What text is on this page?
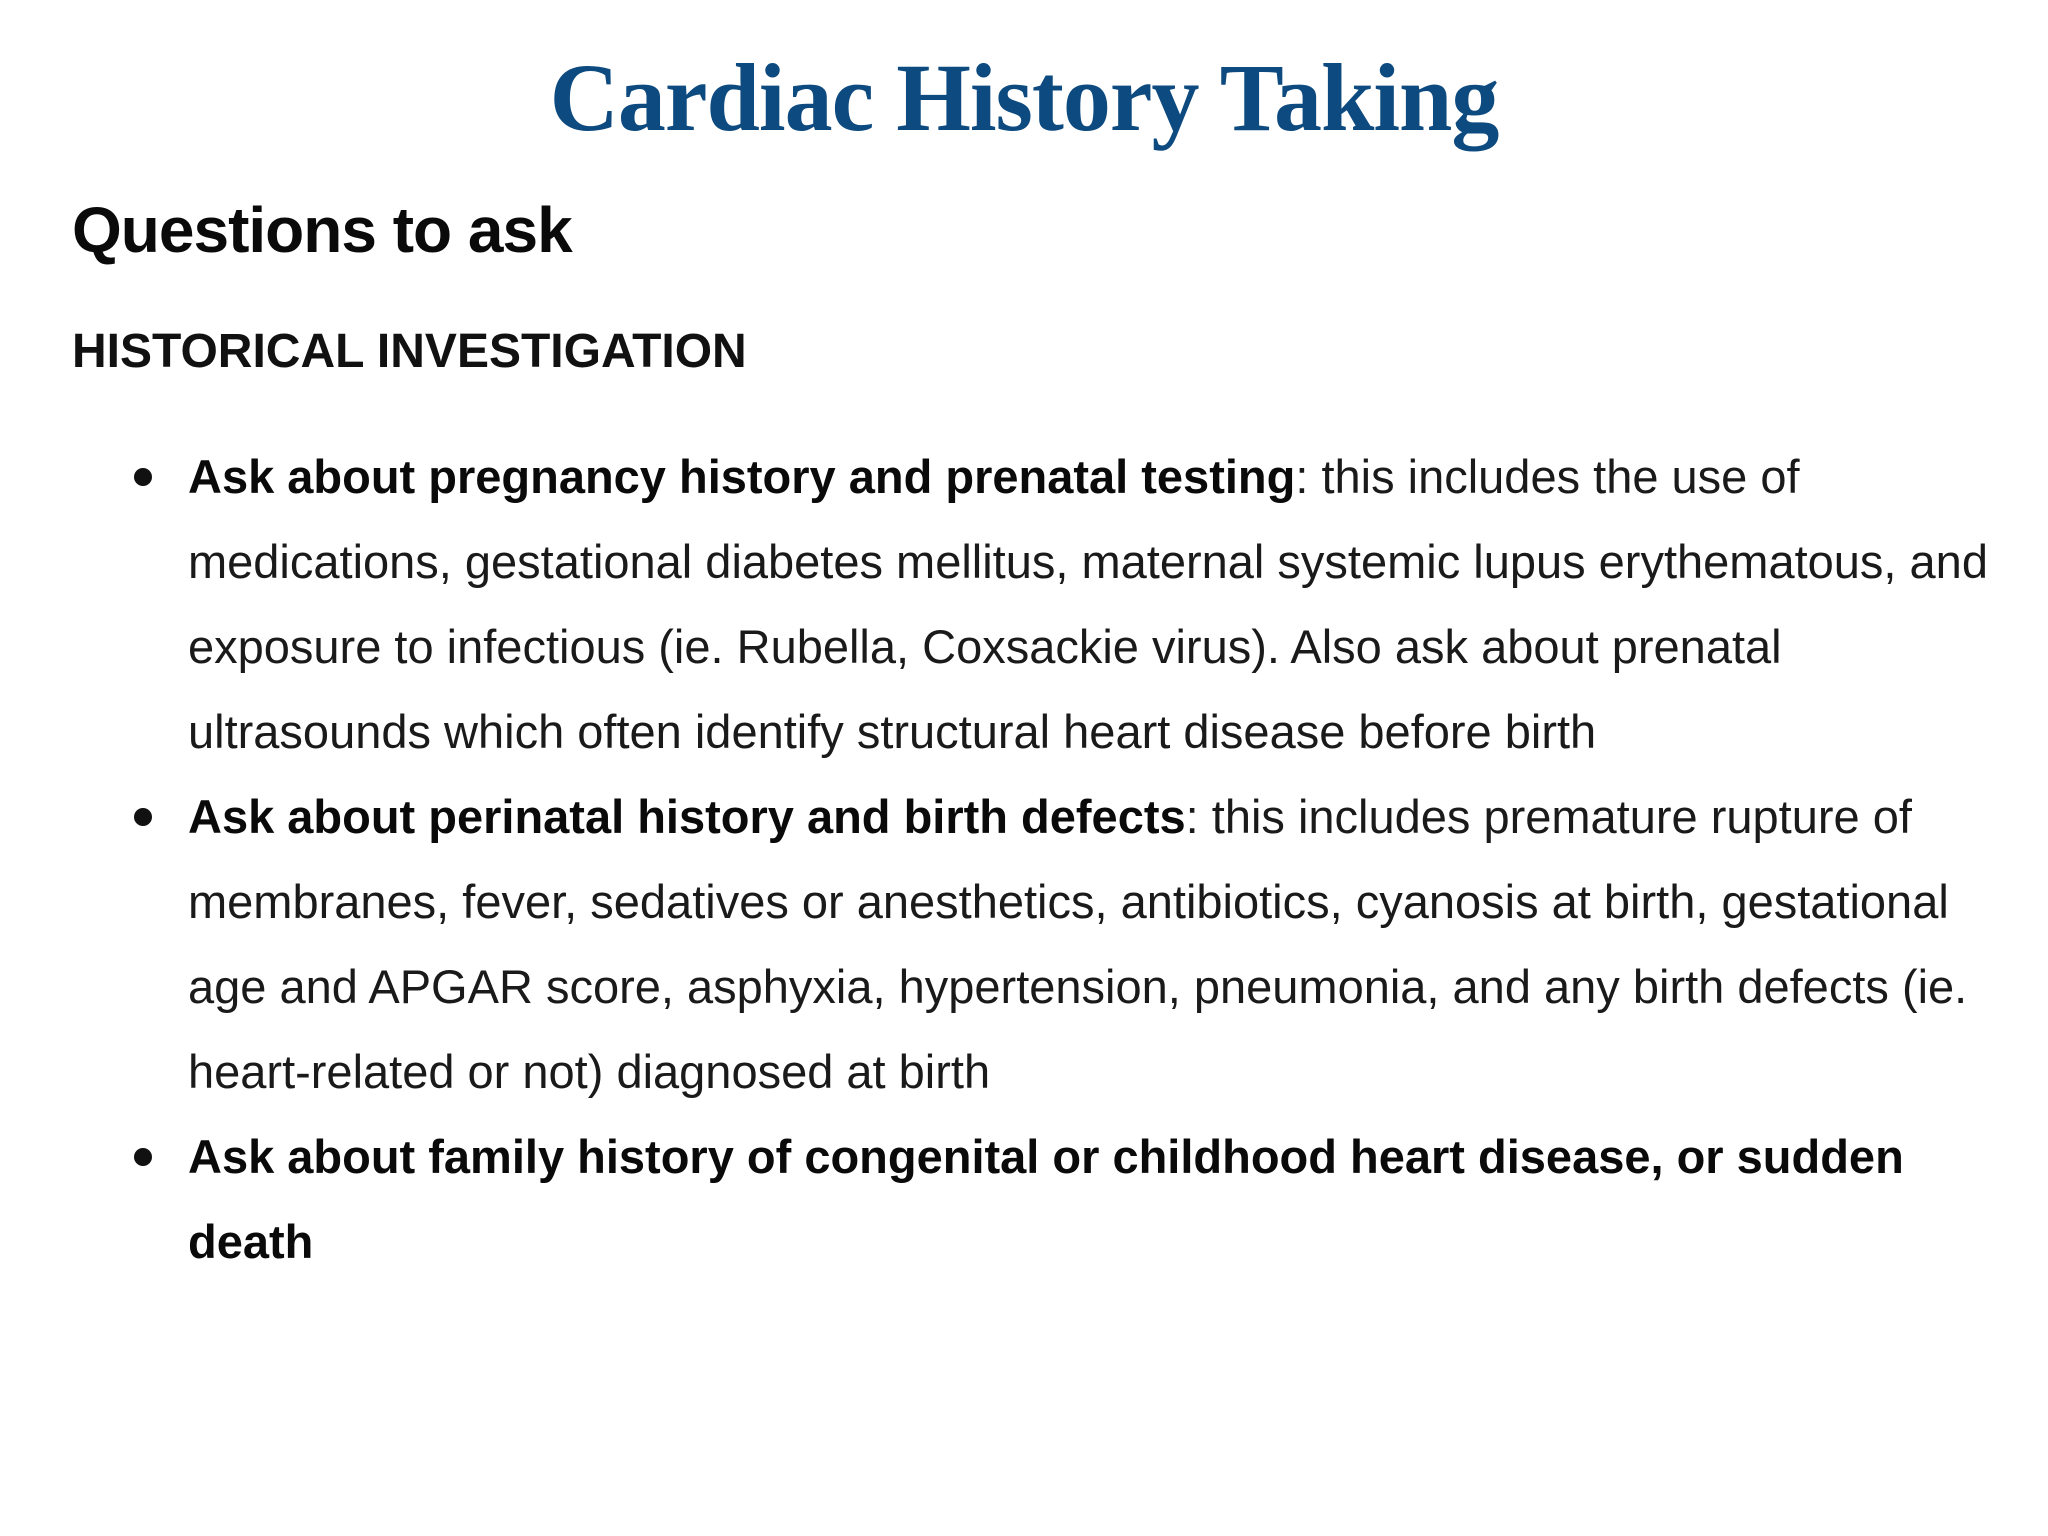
Cardiac History Taking
Questions to ask
HISTORICAL INVESTIGATION
Ask about pregnancy history and prenatal testing: this includes the use of medications, gestational diabetes mellitus, maternal systemic lupus erythematous, and exposure to infectious (ie. Rubella, Coxsackie virus). Also ask about prenatal ultrasounds which often identify structural heart disease before birth
Ask about perinatal history and birth defects: this includes premature rupture of membranes, fever, sedatives or anesthetics, antibiotics, cyanosis at birth, gestational age and APGAR score, asphyxia, hypertension, pneumonia, and any birth defects (ie. heart-related or not) diagnosed at birth
Ask about family history of congenital or childhood heart disease, or sudden death
